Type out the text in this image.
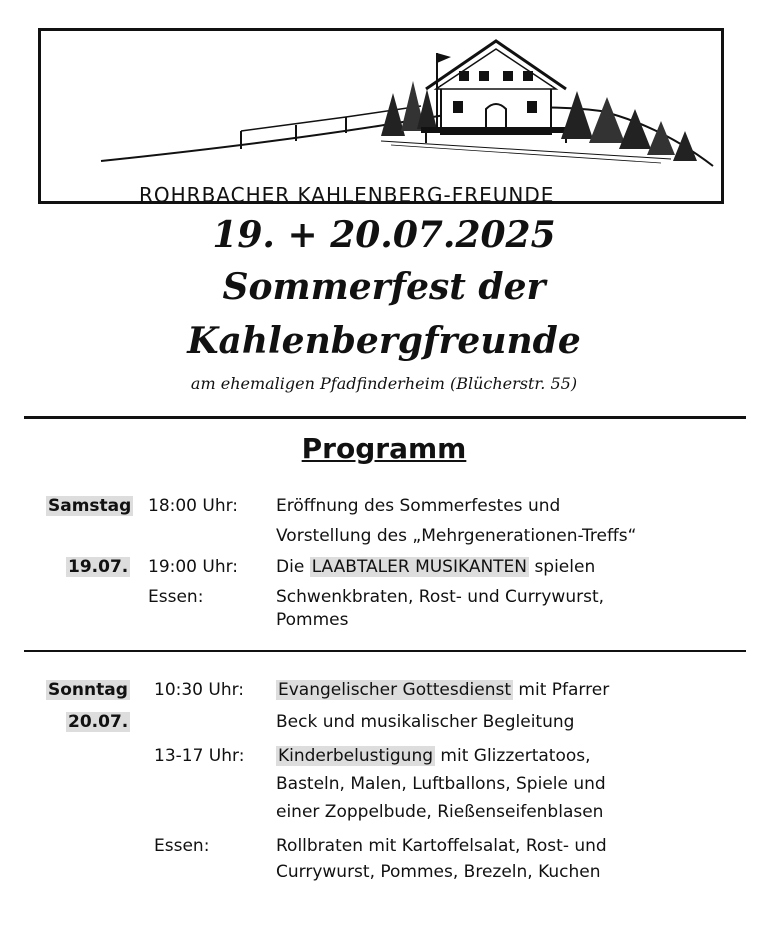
ROHRBACHER KAHLENBERG-FREUNDE
19. + 20.07.2025
Sommerfest der
Kahlenbergfreunde
am ehemaligen Pfadfinderheim (Blücherstr. 55)
Programm
Samstag 18:00 Uhr: Eröffnung des Sommerfestes und
Vorstellung des „Mehrgenerationen-Treffs“
19.07. 19:00 Uhr: Die LAABTALER MUSIKANTEN spielen
Essen:	Schwenkbraten, Rost- und Currywurst,
Pommes
Sonntag 10:30 Uhr: Evangelischer Gottesdienst mit Pfarrer
20.07.	Beck und musikalischer Begleitung
13-17 Uhr: Kinderbelustigung mit Glizzertatoos,
Basteln, Malen, Luftballons, Spiele und
einer Zoppelbude, Rießenseifenblasen
Essen:	Rollbraten mit Kartoffelsalat, Rost- und
Currywurst, Pommes, Brezeln, Kuchen
